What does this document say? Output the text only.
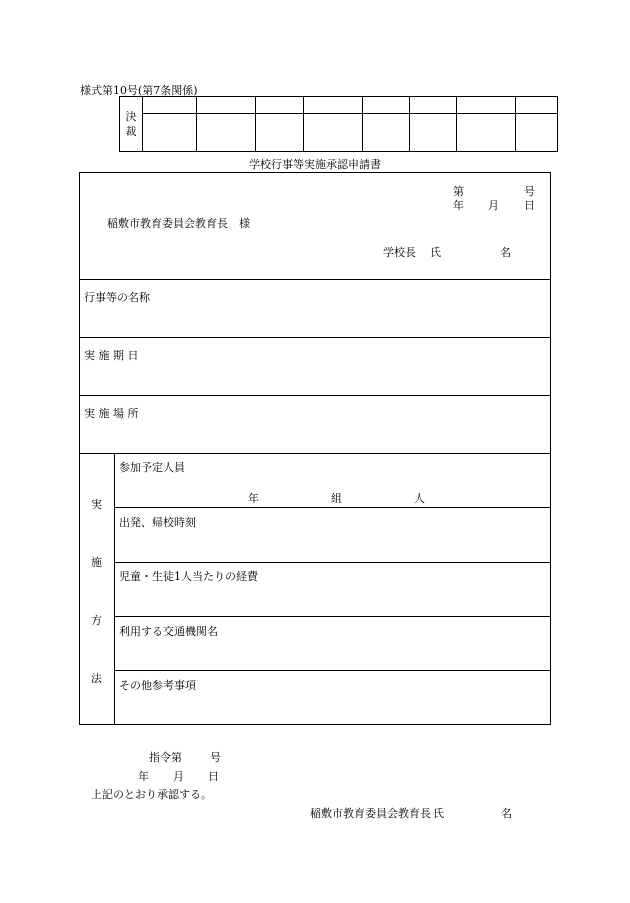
様式第10号(第7条関係)
決
裁								

学校行事等実施承認申請書
第	号
年 月 日
稲敷市教育委員会教育長　様
学校長 氏	名
行事等の名称
実 施 期 日
実 施 場 所
実
施
方
法
参加予定人員
年	組	人
出発、帰校時刻
児童・生徒1人当たりの経費
利用する交通機関名
その他参考事項
指令第	号
年 月 日
上記のとおり承認する。
稲敷市教育委員会教育長 氏	名
